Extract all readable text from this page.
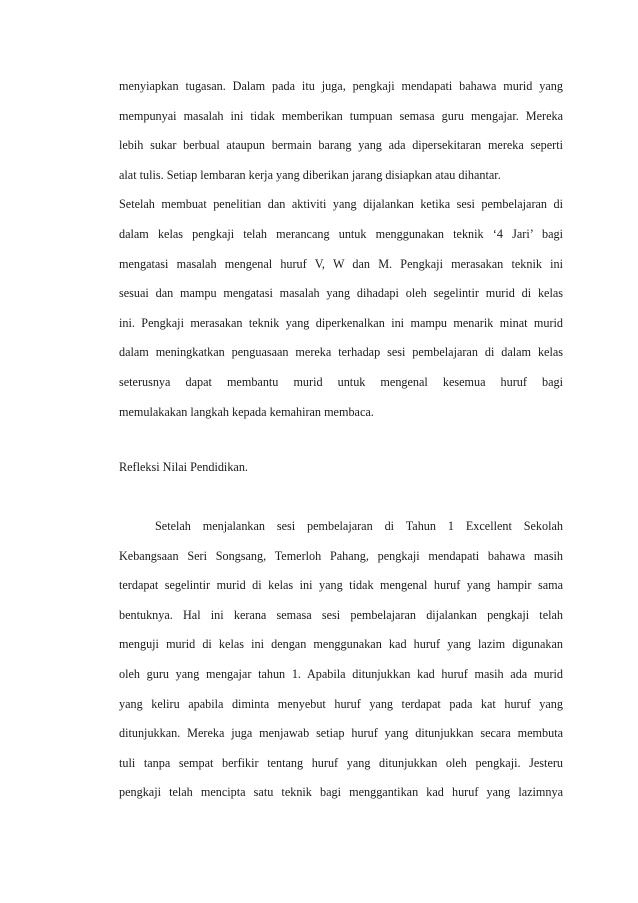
menyiapkan tugasan. Dalam pada itu juga, pengkaji mendapati bahawa murid yang
mempunyai masalah ini tidak memberikan tumpuan semasa guru mengajar. Mereka
lebih sukar berbual ataupun bermain barang yang ada dipersekitaran mereka seperti
alat tulis. Setiap lembaran kerja yang diberikan jarang disiapkan atau dihantar.
Setelah membuat penelitian dan aktiviti yang dijalankan ketika sesi pembelajaran di
dalam kelas pengkaji telah merancang untuk menggunakan teknik ‘4 Jari’ bagi
mengatasi masalah mengenal huruf V, W dan M. Pengkaji merasakan teknik ini
sesuai dan mampu mengatasi masalah yang dihadapi oleh segelintir murid di kelas
ini. Pengkaji merasakan teknik yang diperkenalkan ini mampu menarik minat murid
dalam meningkatkan penguasaan mereka terhadap sesi pembelajaran di dalam kelas
seterusnya dapat membantu murid untuk mengenal kesemua huruf bagi
memulakakan langkah kepada kemahiran membaca.
Refleksi Nilai Pendidikan.
Setelah menjalankan sesi pembelajaran di Tahun 1 Excellent Sekolah
Kebangsaan Seri Songsang, Temerloh Pahang, pengkaji mendapati bahawa masih
terdapat segelintir murid di kelas ini yang tidak mengenal huruf yang hampir sama
bentuknya. Hal ini kerana semasa sesi pembelajaran dijalankan pengkaji telah
menguji murid di kelas ini dengan menggunakan kad huruf yang lazim digunakan
oleh guru yang mengajar tahun 1. Apabila ditunjukkan kad huruf masih ada murid
yang keliru apabila diminta menyebut huruf yang terdapat pada kat huruf yang
ditunjukkan. Mereka juga menjawab setiap huruf yang ditunjukkan secara membuta
tuli tanpa sempat berfikir tentang huruf yang ditunjukkan oleh pengkaji. Jesteru
pengkaji telah mencipta satu teknik bagi menggantikan kad huruf yang lazimnya
